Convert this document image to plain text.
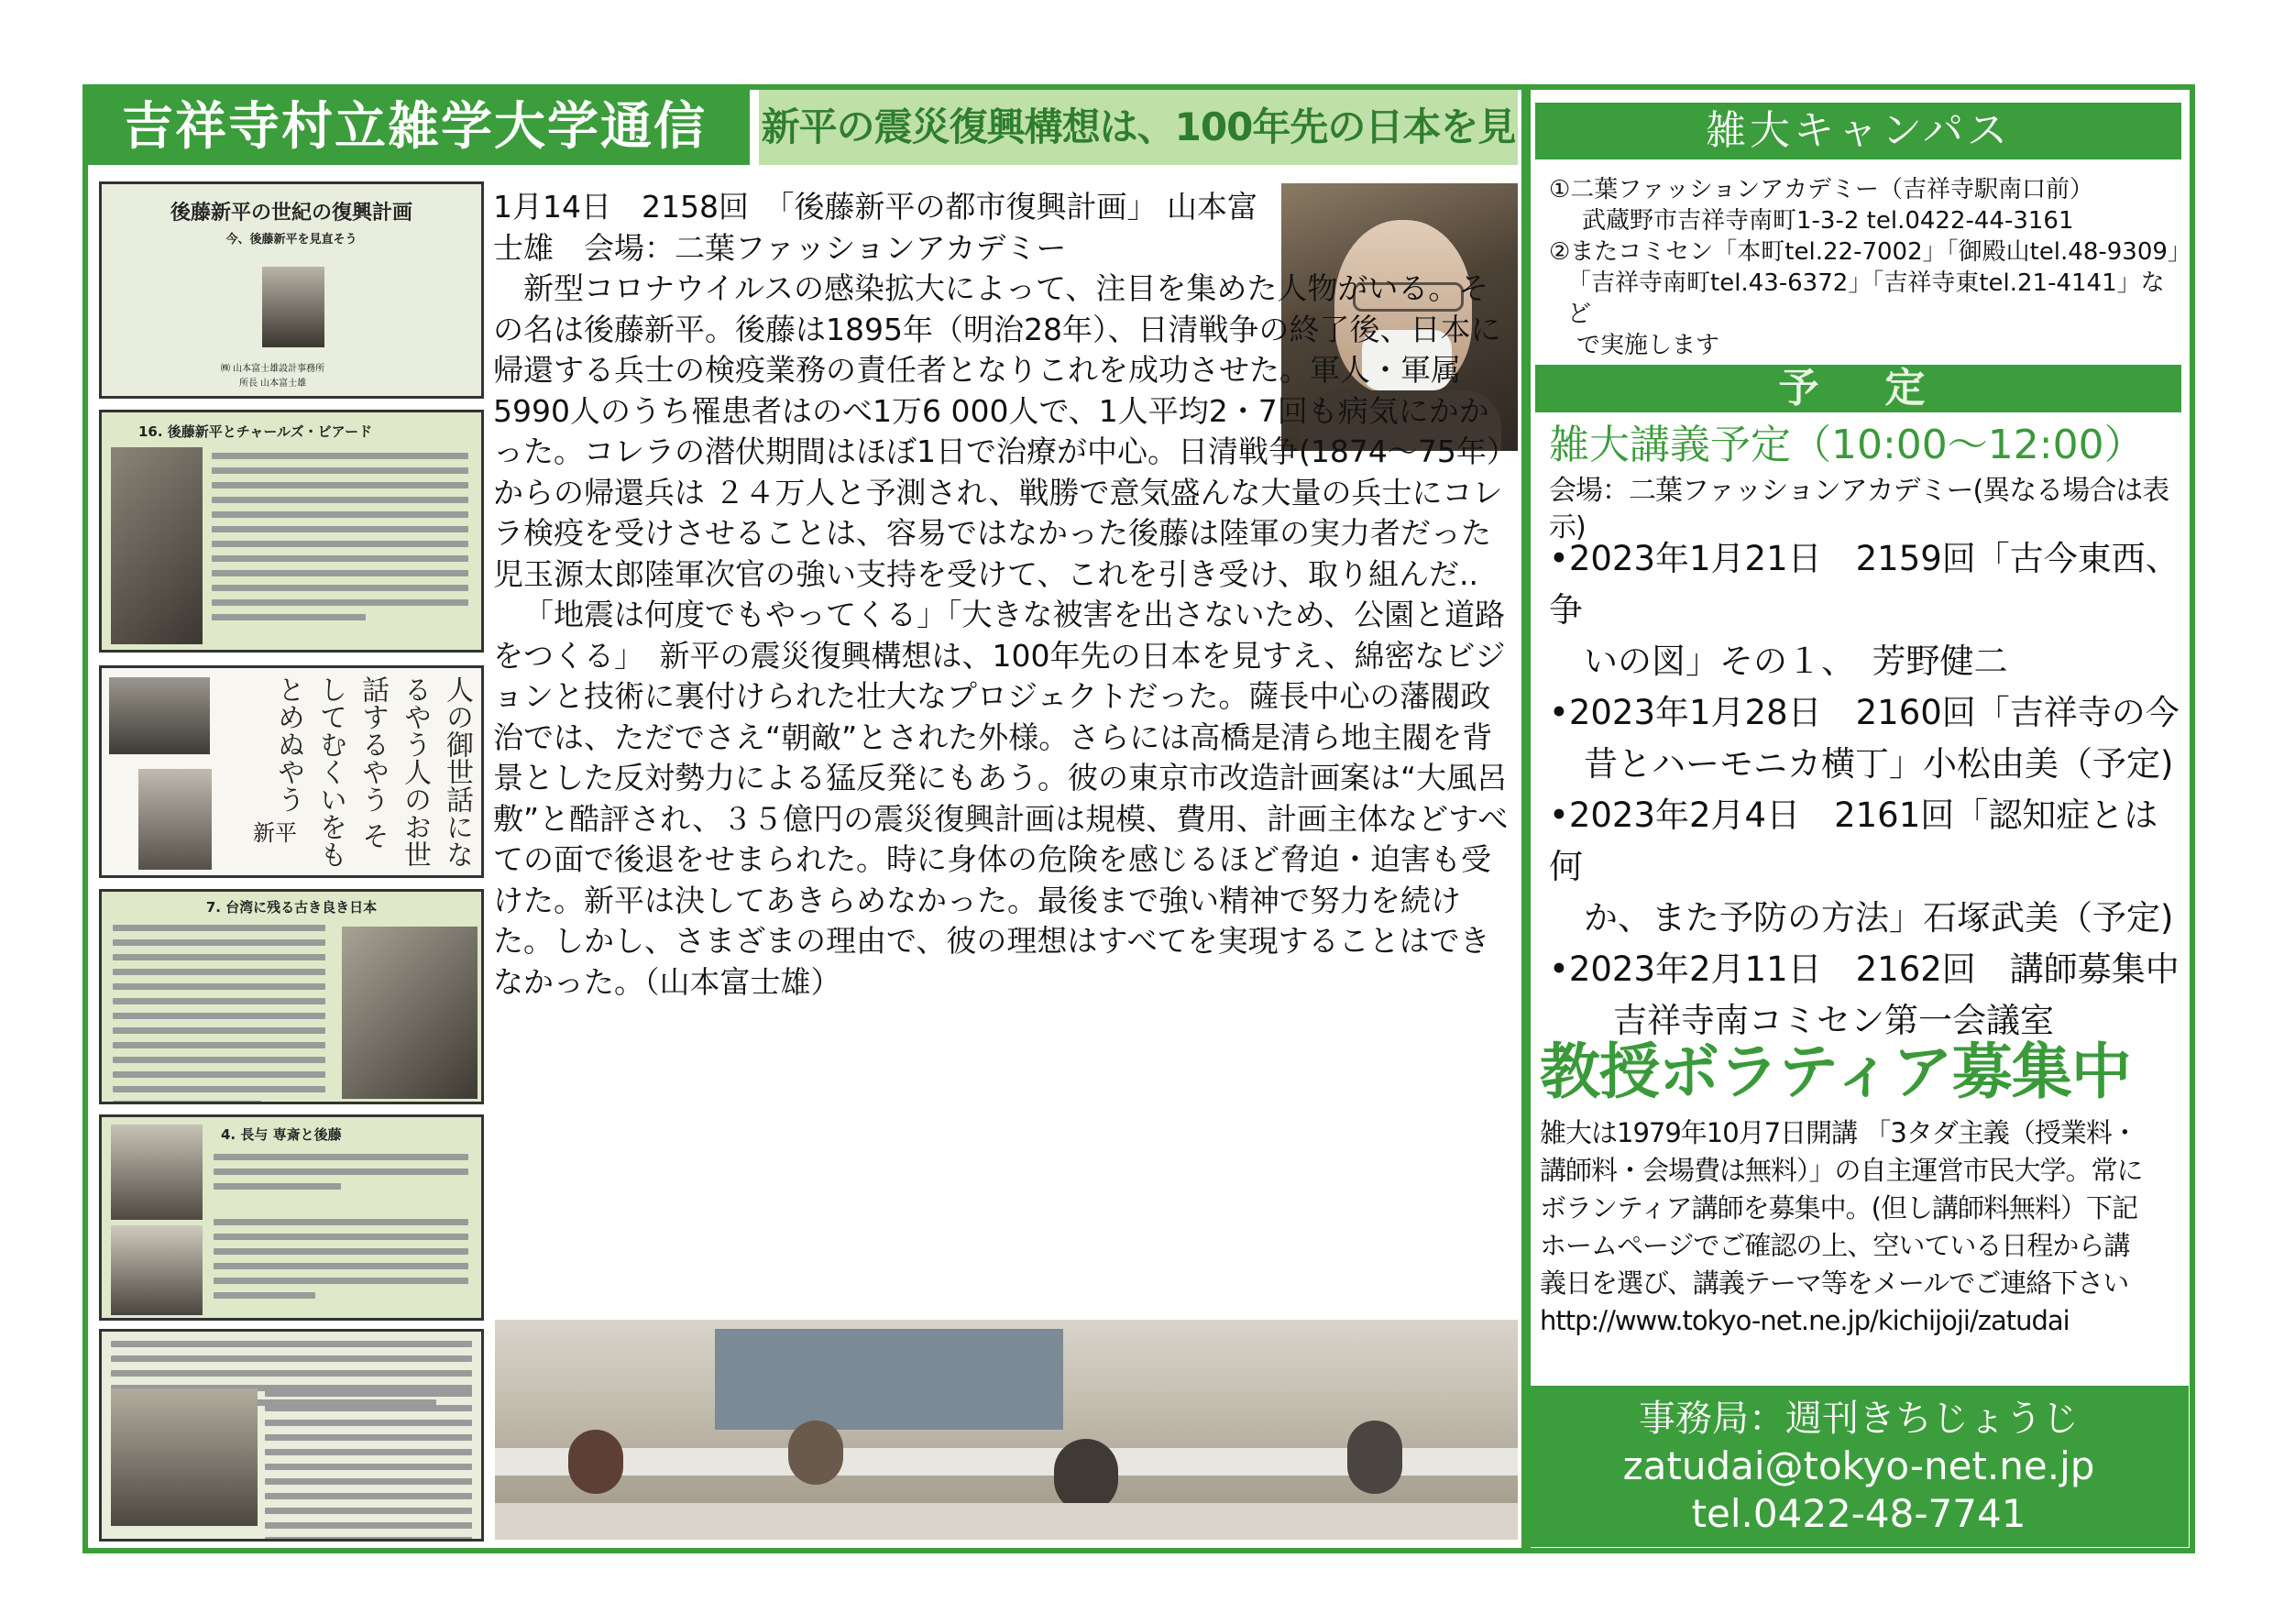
吉祥寺村立雑学大学通信	新平の震災復興構想は、100年先の日本を見
後藤新平の世紀の復興計画
今、後藤新平を見直そう
㈱ 山本富士雄設計事務所
所長 山本富士雄
16. 後藤新平とチャールズ・ビアード
人の御世話になるやう人のお世話するやう そしてむくいをもとめぬやう
新平
7. 台湾に残る古き良き日本
4. 長与 専斎と後藤

1月14日　2158回　「後藤新平の都市復興計画」 山本富士雄　会場：二葉ファッションアカデミー

新型コロナウイルスの感染拡大によって、注目を集めた人物がいる。その名は後藤新平。後藤は1895年（明治28年）、日清戦争の終了後、日本に帰還する兵士の検疫業務の責任者となりこれを成功させた。軍人・軍属5990人のうち罹患者はのべ1万6 000人で、1人平均2・7回も病気にかかった。コレラの潜伏期間はほぼ1日で治療が中心。日清戦争(1874～75年）からの帰還兵は ２４万人と予測され、戦勝で意気盛んな大量の兵士にコレラ検疫を受けさせることは、容易ではなかった後藤は陸軍の実力者だった児玉源太郎陸軍次官の強い支持を受けて、これを引き受け、取り組んだ..

「地震は何度でもやってくる」「大きな被害を出さないため、公園と道路をつくる」　新平の震災復興構想は、100年先の日本を見すえ、綿密なビジョンと技術に裏付けられた壮大なプロジェクトだった。薩長中心の藩閥政治では、ただでさえ“朝敵”とされた外様。さらには高橋是清ら地主閥を背景とした反対勢力による猛反発にもあう。彼の東京市改造計画案は“大風呂敷”と酷評され、３５億円の震災復興計画は規模、費用、計画主体などすべての面で後退をせまられた。時に身体の危険を感じるほど脅迫・迫害も受けた。新平は決してあきらめなかった。最後まで強い精神で努力を続けた。しかし、さまざまの理由で、彼の理想はすべてを実現することはできなかった。（山本富士雄）

雑大キャンパス
①二葉ファッションアカデミー（吉祥寺駅南口前）
武蔵野市吉祥寺南町1-3-2 tel.0422-44-3161
②またコミセン「本町tel.22-7002」「御殿山tel.48-9309」
「吉祥寺南町tel.43-6372」「吉祥寺東tel.21-4141」など
で実施します
予　定
雑大講義予定（10:00～12:00）
会場：二葉ファッションアカデミー(異なる場合は表示)
•2023年1月21日　2159回「古今東西、争
いの図」その１、　芳野健二
•2023年1月28日　2160回「吉祥寺の今
昔とハーモニカ横丁」小松由美（予定)
•2023年2月4日　2161回「認知症とは何
か、また予防の方法」石塚武美（予定)
•2023年2月11日　2162回　講師募集中
吉祥寺南コミセン第一会議室
教授ボラティア募集中
雑大は1979年10月7日開講 「3タダ主義（授業料・
講師料・会場費は無料）」の自主運営市民大学。常に
ボランティア講師を募集中。(但し講師料無料）下記
ホームページでご確認の上、空いている日程から講
義日を選び、講義テーマ等をメールでご連絡下さい
http://www.tokyo-net.ne.jp/kichijoji/zatudai
事務局：週刊きちじょうじ
zatudai@tokyo-net.ne.jp
tel.0422-48-7741
